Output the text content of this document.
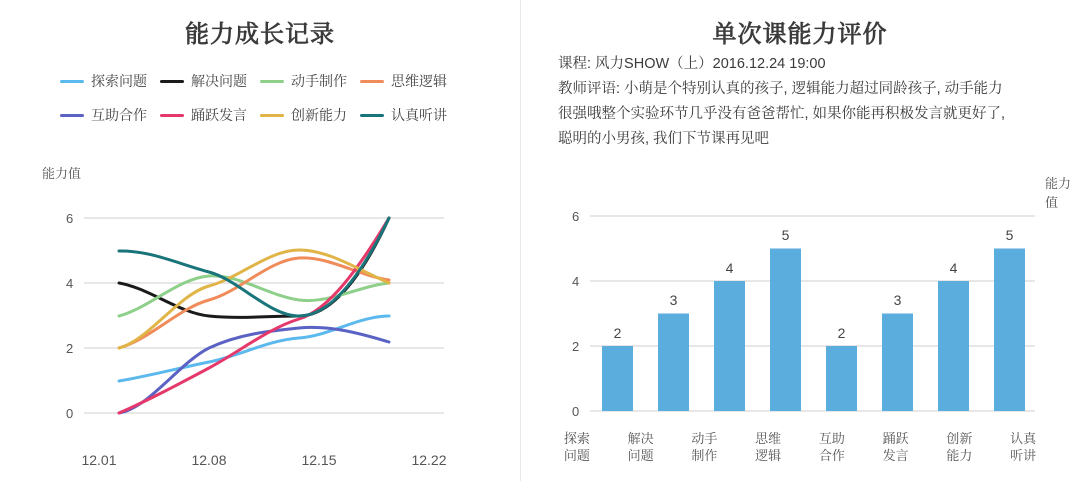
能力成长记录
探索问题	解决问题	动手制作	思维逻辑
互助合作	踊跃发言	创新能力	认真听讲
能力值
6
4
2
0
12.01	12.08	12.15	12.22
单次课能力评价
课程: 风力SHOW（上）2016.12.24 19:00
教师评语: 小萌是个特别认真的孩子, 逻辑能力超过同龄孩子, 动手能力
很强哦整个实验环节几乎没有爸爸帮忙, 如果你能再积极发言就更好了,
聪明的小男孩, 我们下节课再见吧
能力值
6
4
2
0
2
3
4
5
2
3
4
5
探索
问题
解决
问题
动手
制作
思维
逻辑
互助
合作
踊跃
发言
创新
能力
认真
听讲
